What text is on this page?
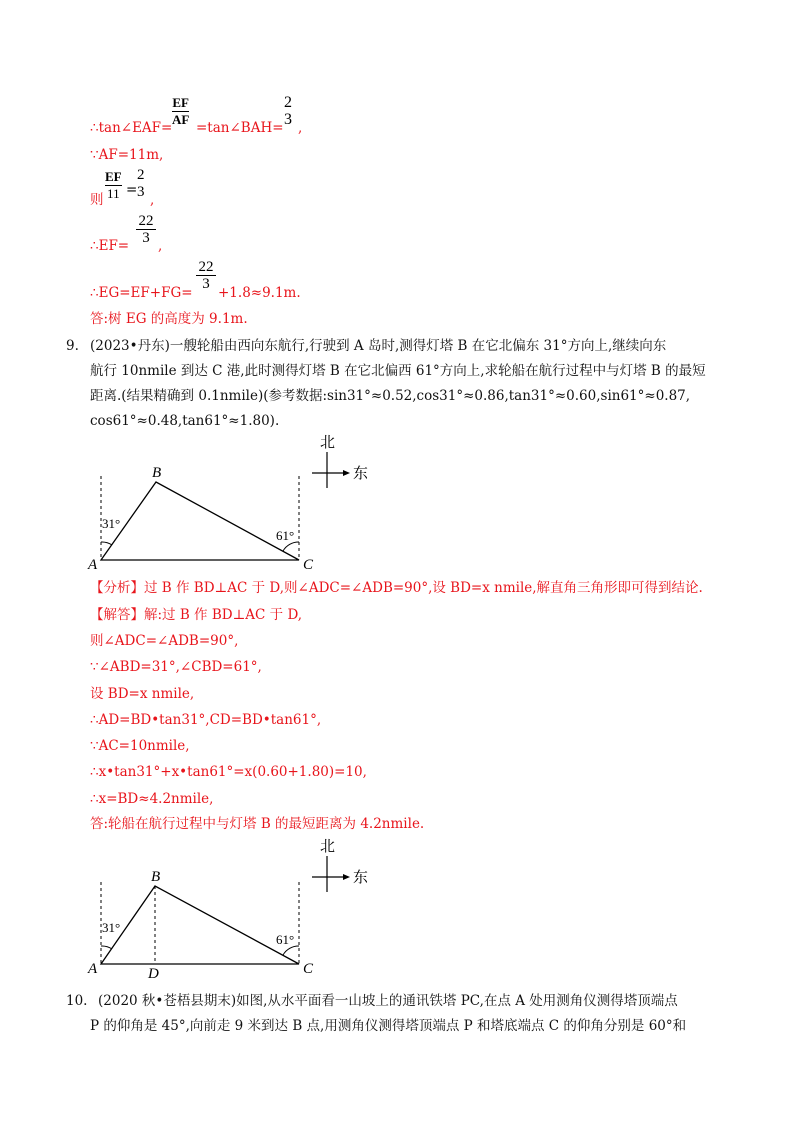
∴tan∠EAF=
EF
AF
=tan∠BAH=
2
3 ,
∵AF=11m,
则
EF
11 =
2
3 ,
∴EF=
22
3 ,
∴EG=EF+FG=
22
3
+1.8≈9.1m.
答:树 EG 的高度为 9.1m.
9. (2023•丹东)一艘轮船由西向东航行,行驶到 A 岛时,测得灯塔 B 在它北偏东 31°方向上,继续向东
航行 10nmile 到达 C 港,此时测得灯塔 B 在它北偏西 61°方向上,求轮船在航行过程中与灯塔 B 的最短
距离.(结果精确到 0.1nmile)(参考数据:sin31°≈0.52,cos31°≈0.86,tan31°≈0.60,sin61°≈0.87,
cos61°≈0.48,tan61°≈1.80).
北
东
31°
61°
A
B
C
【分析】过 B 作 BD⊥AC 于 D,则∠ADC=∠ADB=90°,设 BD=x nmile,解直角三角形即可得到结论.
【解答】解:过 B 作 BD⊥AC 于 D,
则∠ADC=∠ADB=90°,
∵∠ABD=31°,∠CBD=61°,
设 BD=x nmile,
∴AD=BD•tan31°,CD=BD•tan61°,
∵AC=10nmile,
∴x•tan31°+x•tan61°=x(0.60+1.80)=10,
∴x=BD≈4.2nmile,
答:轮船在航行过程中与灯塔 B 的最短距离为 4.2nmile.
北
东
31°
61°
A
B
C
D
10. (2020 秋•苍梧县期末)如图,从水平面看一山坡上的通讯铁塔 PC,在点 A 处用测角仪测得塔顶端点
P 的仰角是 45°,向前走 9 米到达 B 点,用测角仪测得塔顶端点 P 和塔底端点 C 的仰角分别是 60°和
